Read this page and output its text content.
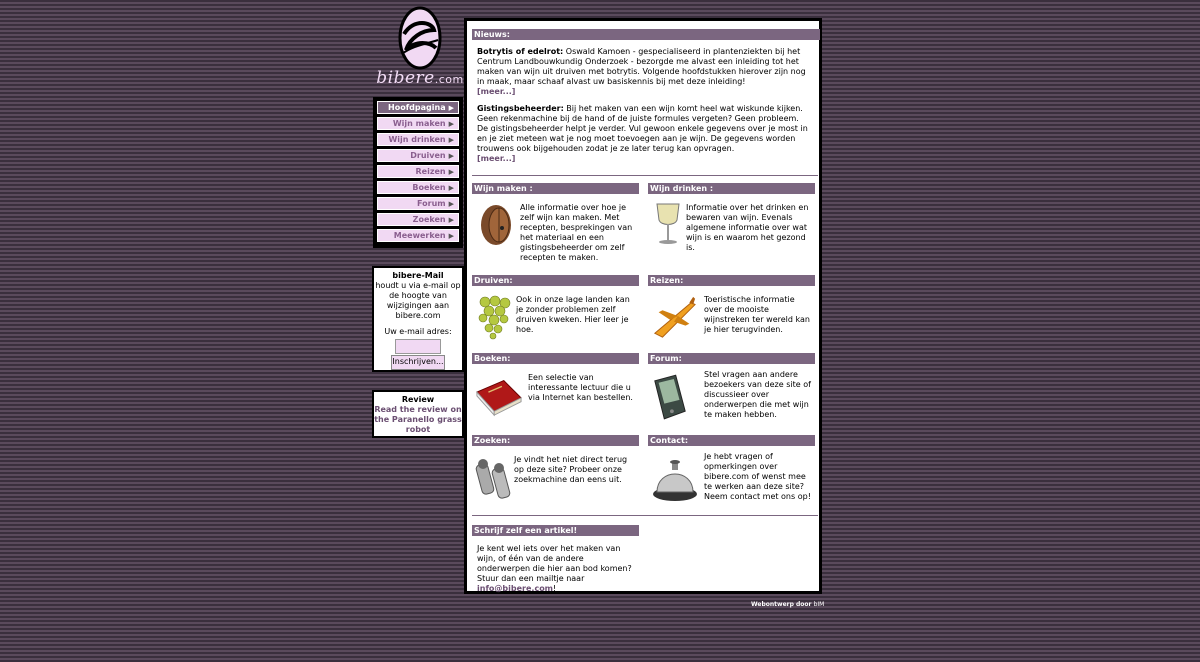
bibere.com
Hoofdpagina ▶
Wijn maken ▶
Wijn drinken ▶
Druiven ▶
Reizen ▶
Boeken ▶
Forum ▶
Zoeken ▶
Meewerken ▶
bibere-Mail
houdt u via e-mail op de hoogte van wijzigingen aan bibere.com
Uw e-mail adres:
Inschrijven...
Review
Read the review on the Paranello grass robot
Nieuws:

Botrytis of edelrot: Oswald Kamoen - gespecialiseerd in plantenziekten bij het Centrum Landbouwkundig Onderzoek - bezorgde me alvast een inleiding tot het maken van wijn uit druiven met botrytis. Volgende hoofdstukken hierover zijn nog in maak, maar schaaf alvast uw basiskennis bij met deze inleiding!
[meer...]

Gistingsbeheerder: Bij het maken van een wijn komt heel wat wiskunde kijken. Geen rekenmachine bij de hand of de juiste formules vergeten? Geen probleem. De gistingsbeheerder helpt je verder. Vul gewoon enkele gegevens over je most in en je ziet meteen wat je nog moet toevoegen aan je wijn. De gegevens worden trouwens ook bijgehouden zodat je ze later terug kan opvragen.
[meer...]

Wijn maken :
Alle informatie over hoe je zelf wijn kan maken. Met recepten, besprekingen van het materiaal en een gistingsbeheerder om zelf recepten te maken.
Wijn drinken :
Informatie over het drinken en bewaren van wijn. Evenals algemene informatie over wat wijn is en waarom het gezond is.
Druiven:
Ook in onze lage landen kan je zonder problemen zelf druiven kweken. Hier leer je hoe.
Reizen:
Toeristische informatie over de mooiste wijnstreken ter wereld kan je hier terugvinden.
Boeken:
Een selectie van interessante lectuur die u via Internet kan bestellen.
Forum:
Stel vragen aan andere bezoekers van deze site of discussieer over onderwerpen die met wijn te maken hebben.
Zoeken:
Je vindt het niet direct terug op deze site? Probeer onze zoekmachine dan eens uit.
Contact:
Je hebt vragen of opmerkingen over bibere.com of wenst mee te werken aan deze site? Neem contact met ons op!
Schrijf zelf een artikel!
Je kent wel iets over het maken van wijn, of één van de andere onderwerpen die hier aan bod komen? Stuur dan een mailtje naar info@bibere.com!
Webontwerp door bIM
